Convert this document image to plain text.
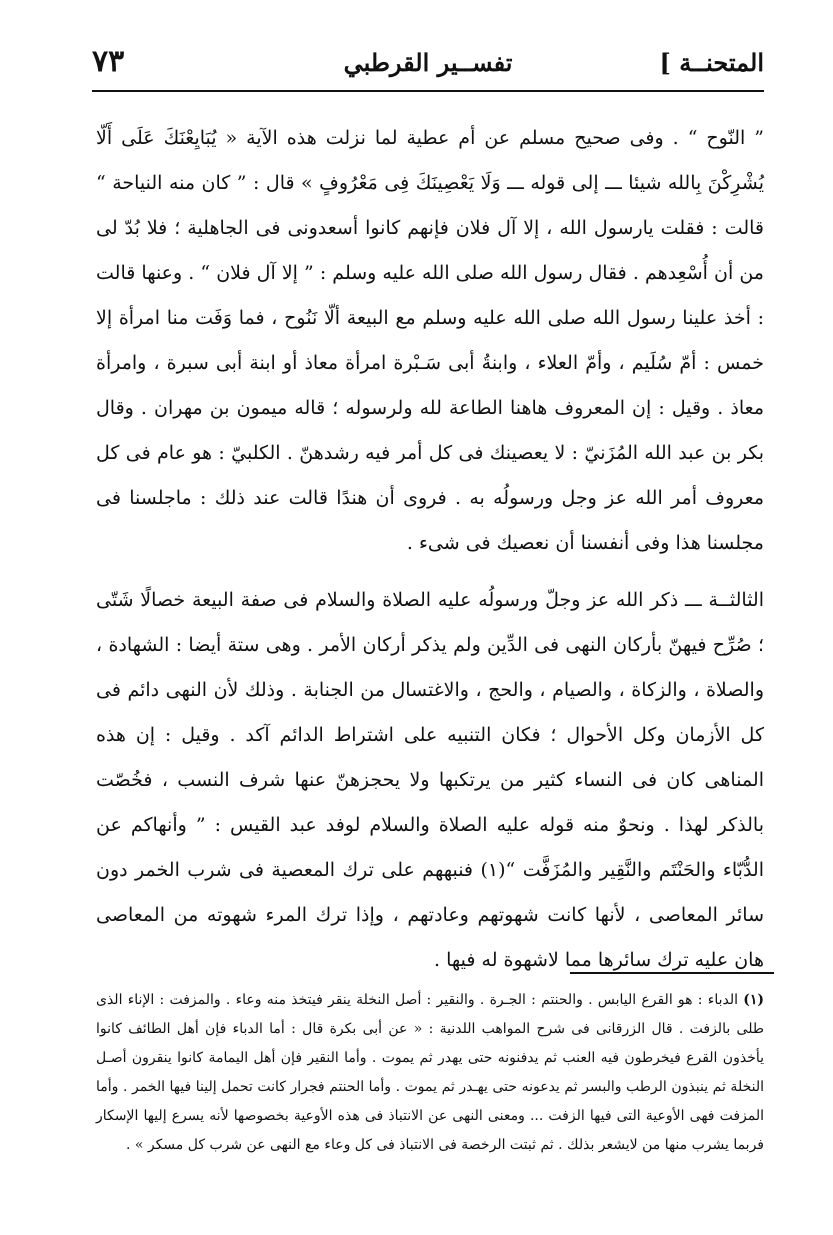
المتحنــة ]
تفســير القرطبي
٧٣

” النّوح “ . وفى صحيح مسلم عن أم عطية لما نزلت هذه الآية « يُبَايِعْنَكَ عَلَى أَلّا يُشْرِكْنَ بِالله شيئا ـــ إلى قوله ـــ وَلَا يَعْصِينَكَ فِى مَعْرُوفٍ » قال : ” كان منه النياحة “ قالت : فقلت يارسول الله ، إلا آل فلان فإنهم كانوا أسعدونى فى الجاهلية ؛ فلا بُدّ لى من أن أُسْعِدهم . فقال رسول الله صلى الله عليه وسلم : ” إلا آل فلان “ . وعنها قالت : أخذ علينا رسول الله صلى الله عليه وسلم مع البيعة ألّا نَنُوح ، فما وَفَت منا امرأة إلا خمس : أمّ سُلَيم ، وأمّ العلاء ، وابنةُ أبى سَـبْرة امرأة معاذ أو ابنة أبى سبرة ، وامرأة معاذ . وقيل : إن المعروف هاهنا الطاعة لله ولرسوله ؛ قاله ميمون بن مهران . وقال بكر بن عبد الله المُزَنيّ : لا يعصينك فى كل أمر فيه رشدهنّ . الكلبيّ : هو عام فى كل معروف أمر الله عز وجل ورسولُه به . فروى أن هندًا قالت عند ذلك : ماجلسنا فى مجلسنا هذا وفى أنفسنا أن نعصيك فى شىء .

الثالثــة ـــ ذكر الله عز وجلّ ورسولُه عليه الصلاة والسلام فى صفة البيعة خصالًا شَتّى ؛ صُرِّح فيهنّ بأركان النهى فى الدِّين ولم يذكر أركان الأمر . وهى ستة أيضا : الشهادة ، والصلاة ، والزكاة ، والصيام ، والحج ، والاغتسال من الجنابة . وذلك لأن النهى دائم فى كل الأزمان وكل الأحوال ؛ فكان التنبيه على اشتراط الدائم آكد . وقيل : إن هذه المناهى كان فى النساء كثير من يرتكبها ولا يحجزهنّ عنها شرف النسب ، فخُصّت بالذكر لهذا . ونحوٌ منه قوله عليه الصلاة والسلام لوفد عبد القيس : ” وأنهاكم عن الدُّبّاء والحَنْتَم والنَّقِير والمُزَفَّت “(١) فنبههم على ترك المعصية فى شرب الخمر دون سائر المعاصى ، لأنها كانت شهوتهم وعادتهم ، وإذا ترك المرء شهوته من المعاصى هان عليه ترك سائرها مما لاشهوة له فيها .

(١) الدباء : هو القرع اليابس . والحنتم : الجـرة . والنقير : أصل النخلة ينقر فيتخذ منه وعاء . والمزفت : الإناء الذى طلى بالزفت . قال الزرقانى فى شرح المواهب اللدنية : « عن أبى بكرة قال : أما الدباء فإن أهل الطائف كانوا يأخذون القرع فيخرطون فيه العنب ثم يدفنونه حتى يهدر ثم يموت . وأما النقير فإن أهل اليمامة كانوا ينقرون أصـل النخلة ثم ينبذون الرطب والبسر ثم يدعونه حتى يهـدر ثم يموت . وأما الحنتم فجرار كانت تحمل إلينا فيها الخمر . وأما المزفت فهى الأوعية التى فيها الزفت ... ومعنى النهى عن الانتباذ فى هذه الأوعية بخصوصها لأنه يسرع إليها الإسكار فربما يشرب منها من لايشعر بذلك . ثم ثبتت الرخصة فى الانتباذ فى كل وعاء مع النهى عن شرب كل مسكر » .
